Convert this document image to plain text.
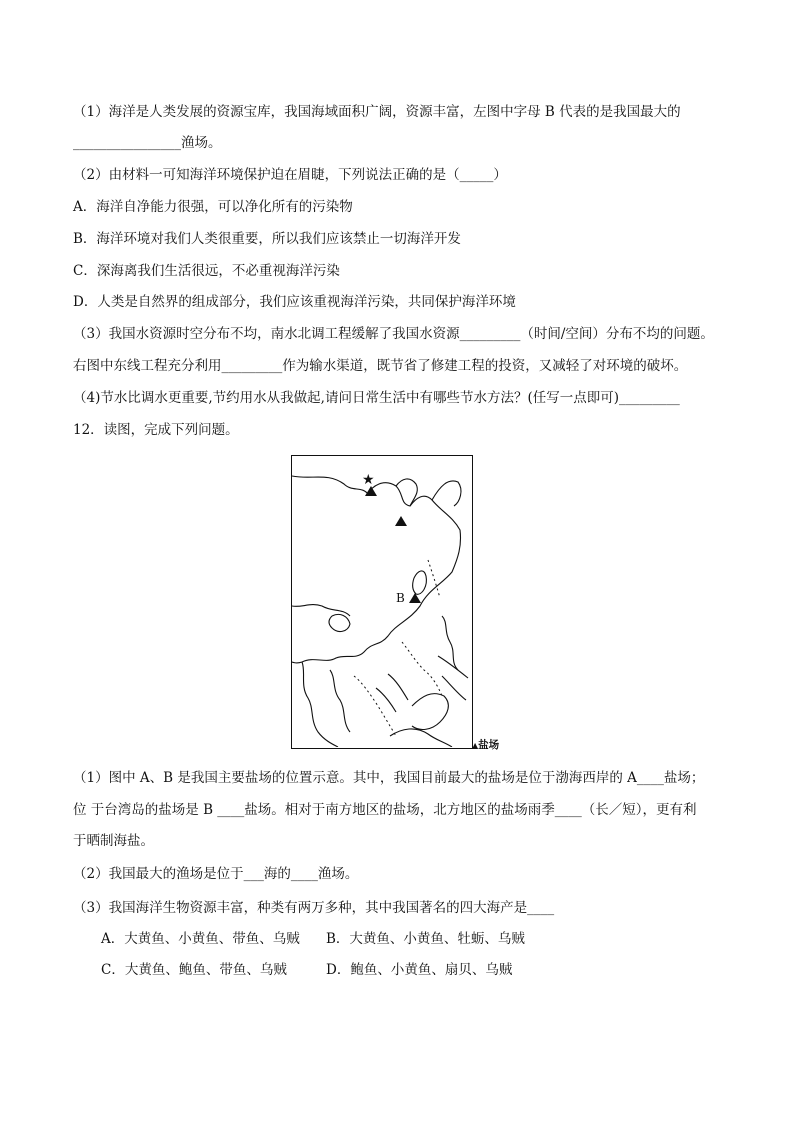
（1）海洋是人类发展的资源宝库，我国海域面积广阔，资源丰富，左图中字母 B 代表的是我国最大的
________________渔场。
（2）由材料一可知海洋环境保护迫在眉睫，下列说法正确的是（_____）
A．海洋自净能力很强，可以净化所有的污染物
B．海洋环境对我们人类很重要，所以我们应该禁止一切海洋开发
C．深海离我们生活很远，不必重视海洋污染
D．人类是自然界的组成部分，我们应该重视海洋污染，共同保护海洋环境
（3）我国水资源时空分布不均，南水北调工程缓解了我国水资源_________（时间/空间）分布不均的问题。
右图中东线工程充分利用_________作为输水渠道，既节省了修建工程的投资，又减轻了对环境的破坏。
（4)节水比调水更重要,节约用水从我做起,请问日常生活中有哪些节水方法？(任写一点即可)_________
12．读图，完成下列问题。
★
B
▲盐场
（1）图中 A、B 是我国主要盐场的位置示意。其中，我国目前最大的盐场是位于渤海西岸的 A____盐场；
位 于台湾岛的盐场是 B ____盐场。相对于南方地区的盐场，北方地区的盐场雨季____（长／短），更有利
于晒制海盐。
（2）我国最大的渔场是位于___海的____渔场。
（3）我国海洋生物资源丰富，种类有两万多种，其中我国著名的四大海产是____
A．大黄鱼、小黄鱼、带鱼、乌贼 B．大黄鱼、小黄鱼、牡蛎、乌贼
C．大黄鱼、鲍鱼、带鱼、乌贼	D．鲍鱼、小黄鱼、扇贝、乌贼
